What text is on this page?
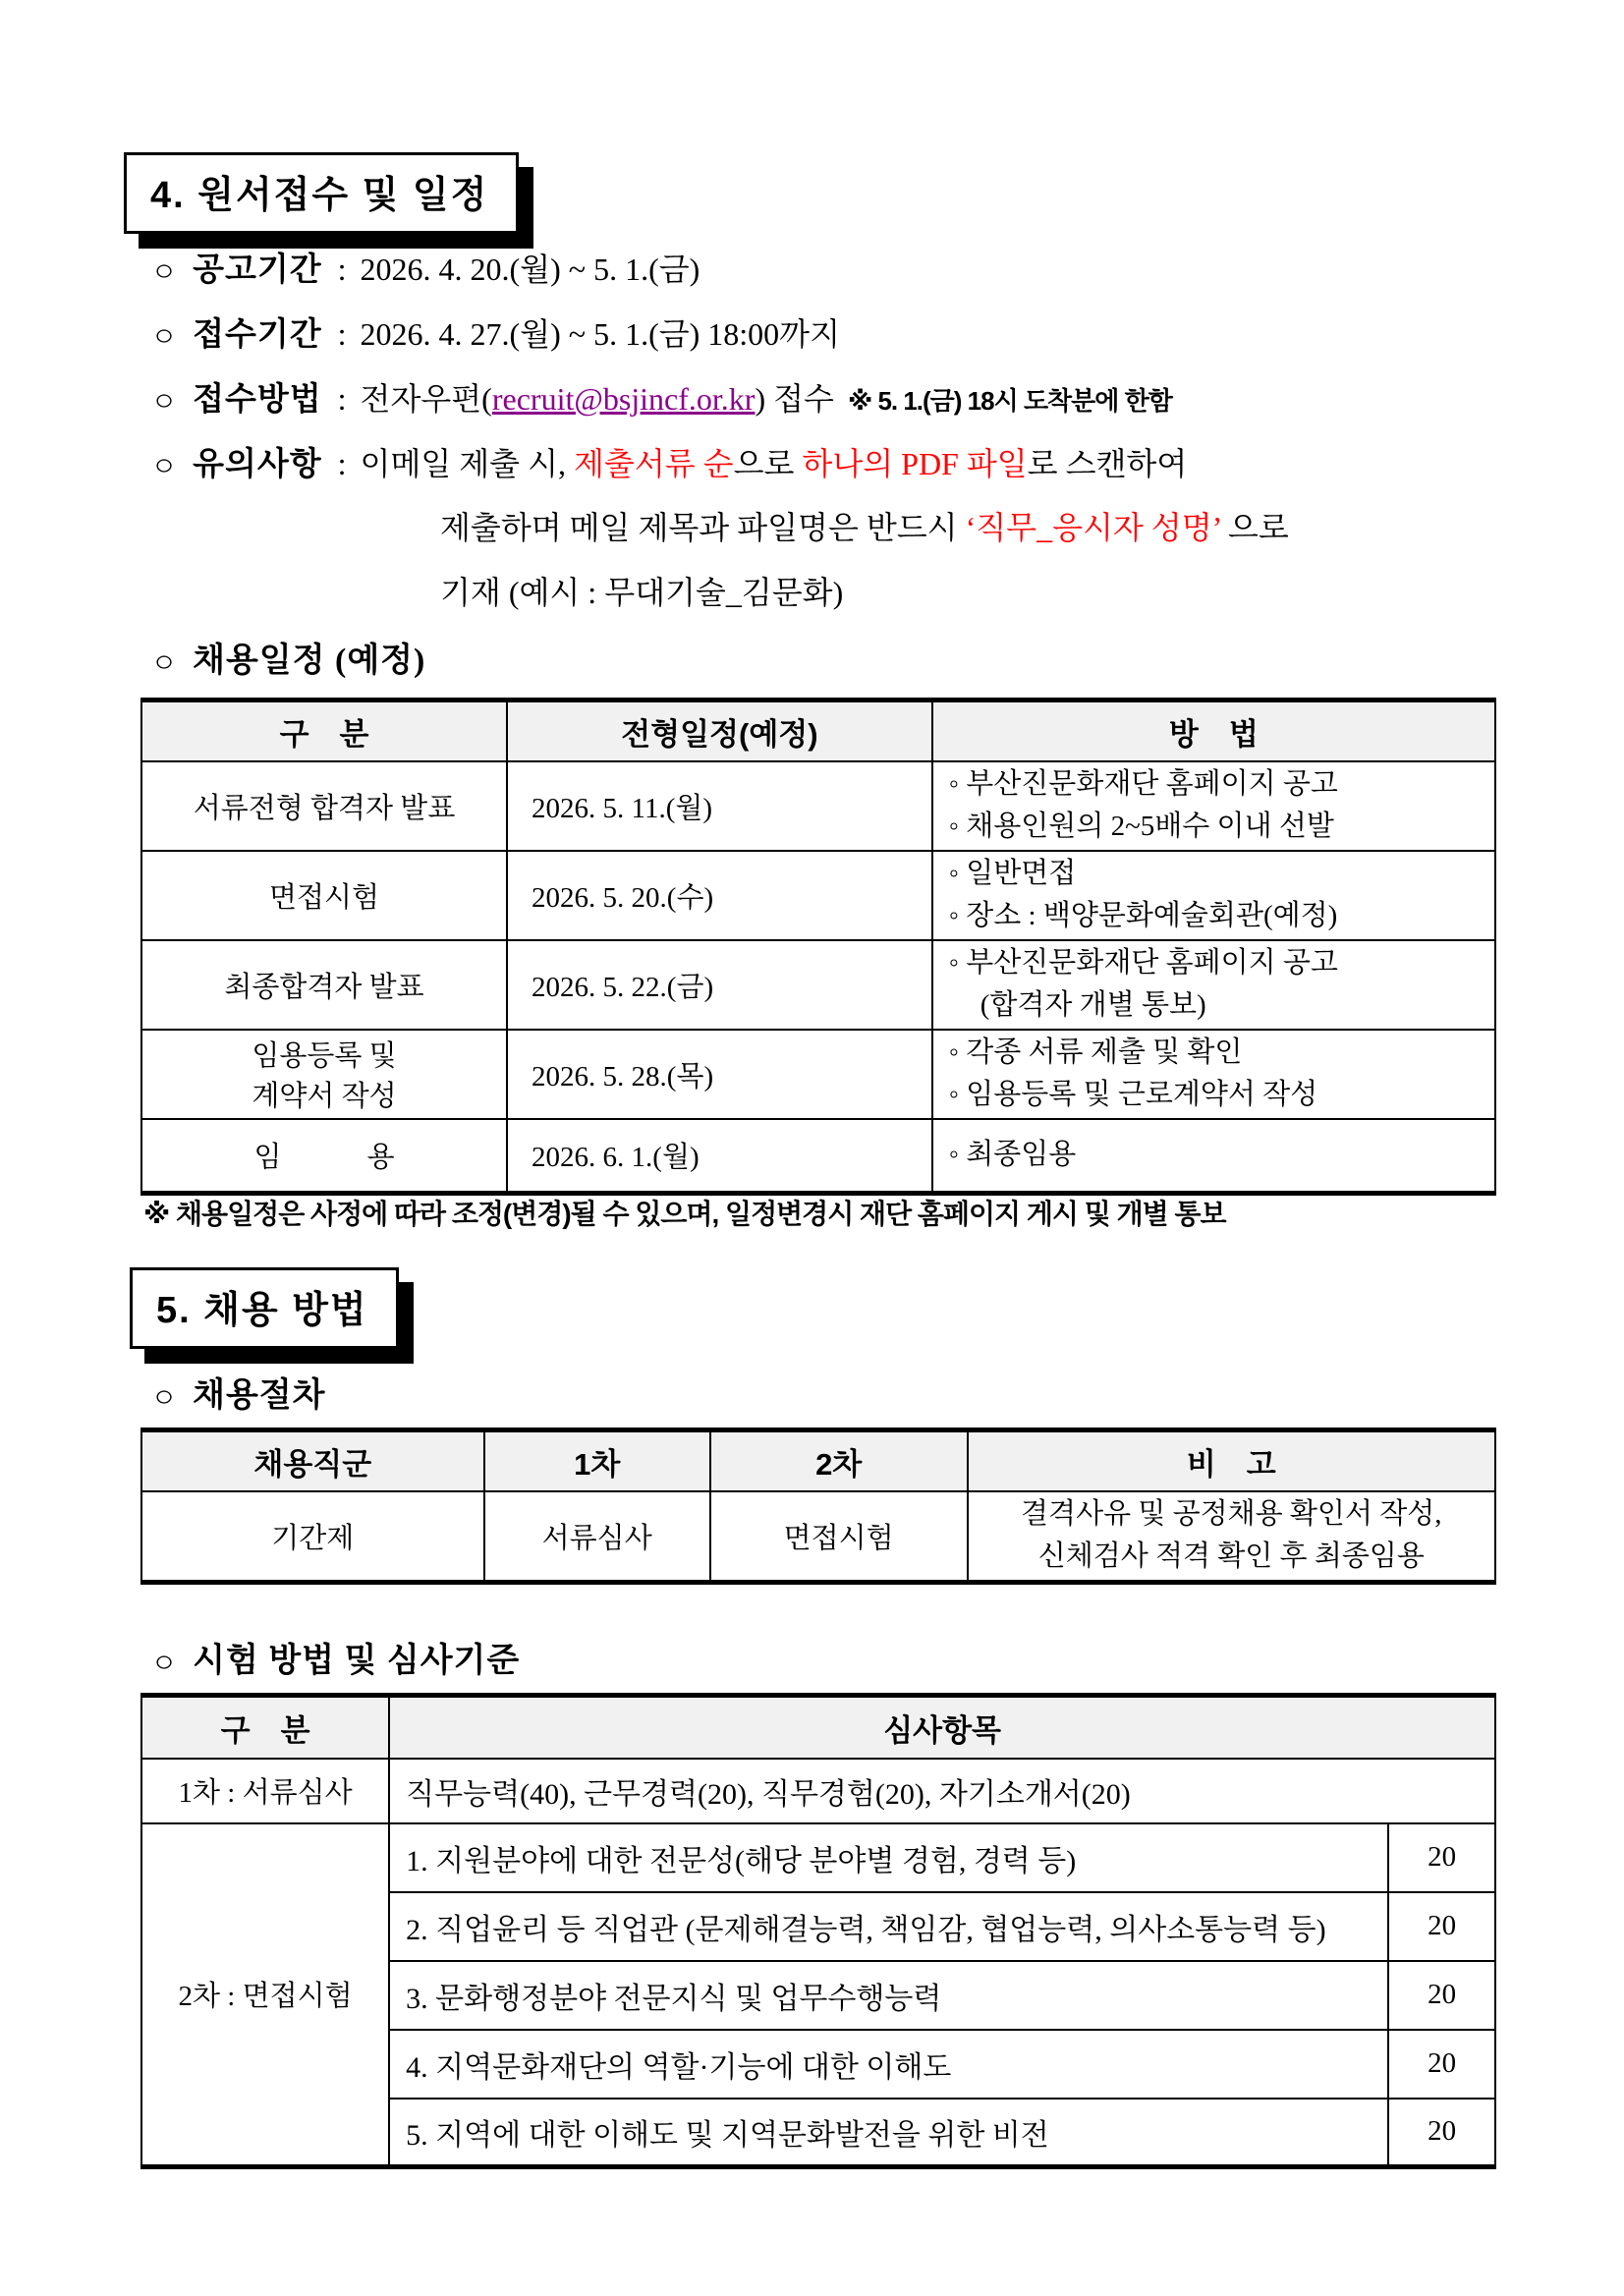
4. 원서접수 및 일정
○ 공고기간 : 2026. 4. 20.(월) ~ 5. 1.(금)
○ 접수기간 : 2026. 4. 27.(월) ~ 5. 1.(금) 18:00까지
○ 접수방법 : 전자우편(recruit@bsjincf.or.kr) 접수 ※ 5. 1.(금) 18시 도착분에 한함
○ 유의사항 : 이메일 제출 시, 제출서류 순으로 하나의 PDF 파일로 스캔하여
제출하며 메일 제목과 파일명은 반드시 ‘직무_응시자 성명’ 으로
기재 (예시 : 무대기술_김문화)
○ 채용일정 (예정)
구　분	전형일정(예정)	방　법
서류전형 합격자 발표	2026. 5. 11.(월)	◦ 부산진문화재단 홈페이지 공고
◦ 채용인원의 2~5배수 이내 선발

면접시험	2026. 5. 20.(수)	◦ 일반면접
◦ 장소 : 백양문화예술회관(예정)

최종합격자 발표	2026. 5. 22.(금)	◦ 부산진문화재단 홈페이지 공고
(합격자 개별 통보)

임용등록 및
계약서 작성
	2026. 5. 28.(목)	
◦ 각종 서류 제출 및 확인
◦ 임용등록 및 근로계약서 작성

임　　　용	2026. 6. 1.(월)	◦ 최종임용
※ 채용일정은 사정에 따라 조정(변경)될 수 있으며, 일정변경시 재단 홈페이지 게시 및 개별 통보
5. 채용 방법
○ 채용절차
채용직군	1차	2차	비　고
기간제	서류심사	면접시험	결격사유 및 공정채용 확인서 작성,
신체검사 적격 확인 후 최종임용
○ 시험 방법 및 심사기준
구　분	심사항목	
1차 : 서류심사	직무능력(40), 근무경력(20), 직무경험(20), 자기소개서(20)	
2차 : 면접시험	1. 지원분야에 대한 전문성(해당 분야별 경험, 경력 등)	20
	2. 직업윤리 등 직업관 (문제해결능력, 책임감, 협업능력, 의사소통능력 등)	20
	3. 문화행정분야 전문지식 및 업무수행능력	20
	4. 지역문화재단의 역할·기능에 대한 이해도	20
	5. 지역에 대한 이해도 및 지역문화발전을 위한 비전	20
